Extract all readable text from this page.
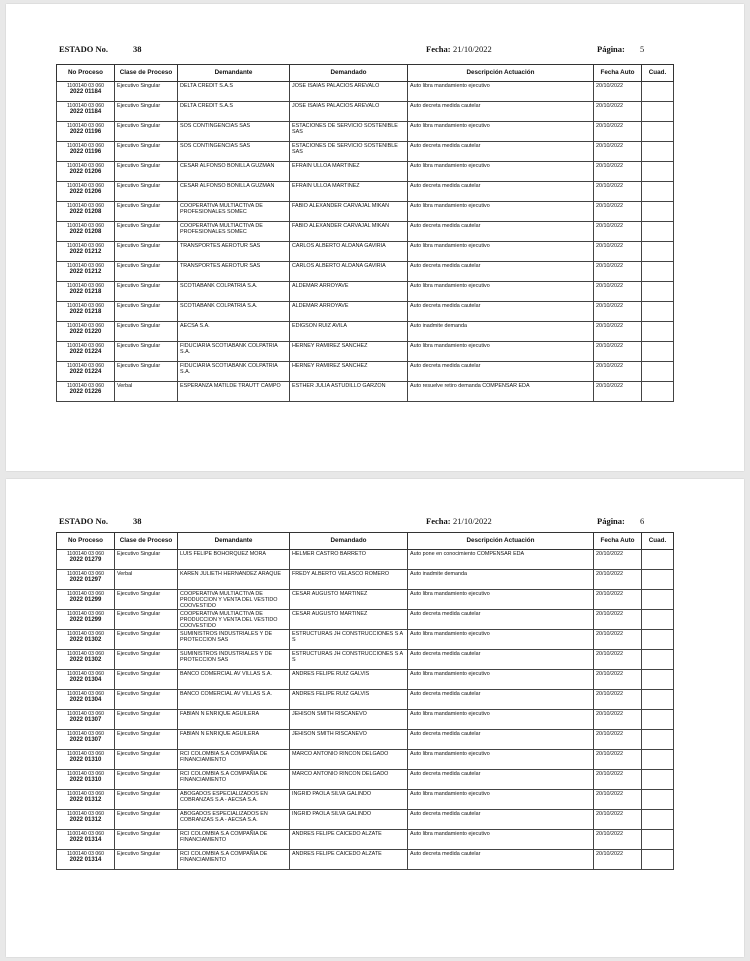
ESTADO No.	38	Fecha: 21/10/2022	Página: 5
No Proceso	Clase de Proceso	Demandante	Demandado	Descripción Actuación	Fecha Auto	Cuad.

1100140 03 060
2022 01184	Ejecutivo Singular	DELTA CREDIT S.A.S	JOSE ISAIAS PALACIOS AREVALO	Auto libra mandamiento ejecutivo	20/10/2022	

1100140 03 060
2022 01184	Ejecutivo Singular	DELTA CREDIT S.A.S	JOSE ISAIAS PALACIOS AREVALO	Auto decreta medida cautelar	20/10/2022	

1100140 03 060
2022 01196	Ejecutivo Singular	SOS CONTINGENCIAS SAS	ESTACIONES DE SERVICIO SOSTENIBLE SAS	Auto libra mandamiento ejecutivo	20/10/2022	

1100140 03 060
2022 01196	Ejecutivo Singular	SOS CONTINGENCIAS SAS	ESTACIONES DE SERVICIO SOSTENIBLE SAS	Auto decreta medida cautelar	20/10/2022	

1100140 03 060
2022 01206	Ejecutivo Singular	CESAR ALFONSO BONILLA GUZMAN	EFRAIN ULLOA MARTINEZ	Auto libra mandamiento ejecutivo	20/10/2022	

1100140 03 060
2022 01206	Ejecutivo Singular	CESAR ALFONSO BONILLA GUZMAN	EFRAIN ULLOA MARTINEZ	Auto decreta medida cautelar	20/10/2022	

1100140 03 060
2022 01208	Ejecutivo Singular	COOPERATIVA MULTIACTIVA DE PROFESIONALES SOMEC	FABIO ALEXANDER CARVAJAL MIKAN	Auto libra mandamiento ejecutivo	20/10/2022	

1100140 03 060
2022 01208	Ejecutivo Singular	COOPERATIVA MULTIACTIVA DE PROFESIONALES SOMEC	FABIO ALEXANDER CARVAJAL MIKAN	Auto decreta medida cautelar	20/10/2022	

1100140 03 060
2022 01212	Ejecutivo Singular	TRANSPORTES AEROTUR SAS	CARLOS ALBERTO ALDANA GAVIRIA	Auto libra mandamiento ejecutivo	20/10/2022	

1100140 03 060
2022 01212	Ejecutivo Singular	TRANSPORTES AEROTUR SAS	CARLOS ALBERTO ALDANA GAVIRIA	Auto decreta medida cautelar	20/10/2022	

1100140 03 060
2022 01218	Ejecutivo Singular	SCOTIABANK COLPATRIA S.A.	ALDEMAR ARROYAVE	Auto libra mandamiento ejecutivo	20/10/2022	

1100140 03 060
2022 01218	Ejecutivo Singular	SCOTIABANK COLPATRIA S.A.	ALDEMAR ARROYAVE	Auto decreta medida cautelar	20/10/2022	

1100140 03 060
2022 01220	Ejecutivo Singular	AECSA S.A.	EDIGSON RUIZ AVILA	Auto inadmite demanda	20/10/2022	

1100140 03 060
2022 01224	Ejecutivo Singular	FIDUCIARIA SCOTIABANK COLPATRIA S.A.	HERNEY RAMIREZ SANCHEZ	Auto libra mandamiento ejecutivo	20/10/2022	

1100140 03 060
2022 01224	Ejecutivo Singular	FIDUCIARIA SCOTIABANK COLPATRIA S.A.	HERNEY RAMIREZ SANCHEZ	Auto decreta medida cautelar	20/10/2022	

1100140 03 060
2022 01226	Verbal	ESPERANZA MATILDE TRAUTT CAMPO	ESTHER JULIA ASTUDILLO GARZON	Auto resuelve retiro demanda COMPENSAR EDA	20/10/2022	
ESTADO No.	38	Fecha: 21/10/2022	Página: 6
No Proceso	Clase de Proceso	Demandante	Demandado	Descripción Actuación	Fecha Auto	Cuad.

1100140 03 060
2022 01279	Ejecutivo Singular	LUIS FELIPE BOHORQUEZ MORA	HELMER CASTRO BARRETO	Auto pone en conocimiento COMPENSAR EDA	20/10/2022	

1100140 03 060
2022 01297	Verbal	KAREN JULIETH HERNANDEZ ARAQUE	FREDY ALBERTO VELASCO ROMERO	Auto inadmite demanda	20/10/2022	

1100140 03 060
2022 01299	Ejecutivo Singular	COOPERATIVA MULTIACTIVA DE PRODUCCION Y VENTA DEL VESTIDO COOVESTIDO	CESAR AUGUSTO MARTINEZ	Auto libra mandamiento ejecutivo	20/10/2022	

1100140 03 060
2022 01299	Ejecutivo Singular	COOPERATIVA MULTIACTIVA DE PRODUCCION Y VENTA DEL VESTIDO COOVESTIDO	CESAR AUGUSTO MARTINEZ	Auto decreta medida cautelar	20/10/2022	

1100140 03 060
2022 01302	Ejecutivo Singular	SUMINISTROS INDUSTRIALES Y DE PROTECCION SAS	ESTRUCTURAS JH CONSTRUCCIONES S A S	Auto libra mandamiento ejecutivo	20/10/2022	

1100140 03 060
2022 01302	Ejecutivo Singular	SUMINISTROS INDUSTRIALES Y DE PROTECCION SAS	ESTRUCTURAS JH CONSTRUCCIONES S A S	Auto decreta medida cautelar	20/10/2022	

1100140 03 060
2022 01304	Ejecutivo Singular	BANCO COMERCIAL AV VILLAS S.A.	ANDRES FELIPE RUIZ GALVIS	Auto libra mandamiento ejecutivo	20/10/2022	

1100140 03 060
2022 01304	Ejecutivo Singular	BANCO COMERCIAL AV VILLAS S.A.	ANDRES FELIPE RUIZ GALVIS	Auto decreta medida cautelar	20/10/2022	

1100140 03 060
2022 01307	Ejecutivo Singular	FABIAN N ENRIQUE AGUILERA	JEHISON SMITH RISCANEVO	Auto libra mandamiento ejecutivo	20/10/2022	

1100140 03 060
2022 01307	Ejecutivo Singular	FABIAN N ENRIQUE AGUILERA	JEHISON SMITH RISCANEVO	Auto decreta medida cautelar	20/10/2022	

1100140 03 060
2022 01310	Ejecutivo Singular	RCI COLOMBIA S.A COMPAÑIA DE FINANCIAMIENTO	MARCO ANTONIO RINCON DELGADO	Auto libra mandamiento ejecutivo	20/10/2022	

1100140 03 060
2022 01310	Ejecutivo Singular	RCI COLOMBIA S.A COMPAÑIA DE FINANCIAMIENTO	MARCO ANTONIO RINCON DELGADO	Auto decreta medida cautelar	20/10/2022	

1100140 03 060
2022 01312	Ejecutivo Singular	ABOGADOS ESPECIALIZADOS EN COBRANZAS S.A - AECSA S.A.	INGRID PAOLA SILVA GALINDO	Auto libra mandamiento ejecutivo	20/10/2022	

1100140 03 060
2022 01312	Ejecutivo Singular	ABOGADOS ESPECIALIZADOS EN COBRANZAS S.A - AECSA S.A.	INGRID PAOLA SILVA GALINDO	Auto decreta medida cautelar	20/10/2022	

1100140 03 060
2022 01314	Ejecutivo Singular	RCI COLOMBIA S.A COMPAÑIA DE FINANCIAMIENTO	ANDRES FELIPE CAICEDO ALZATE	Auto libra mandamiento ejecutivo	20/10/2022	

1100140 03 060
2022 01314	Ejecutivo Singular	RCI COLOMBIA S.A COMPAÑIA DE FINANCIAMIENTO	ANDRES FELIPE CAICEDO ALZATE	Auto decreta medida cautelar	20/10/2022	
